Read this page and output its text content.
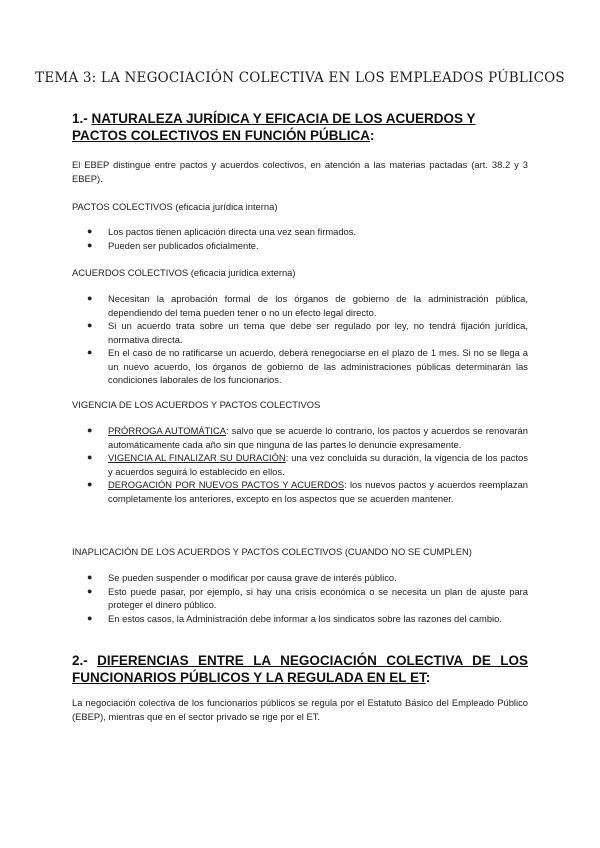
TEMA 3: LA NEGOCIACIÓN COLECTIVA EN LOS EMPLEADOS PÚBLICOS

1.- NATURALEZA JURÍDICA Y EFICACIA DE LOS ACUERDOS Y PACTOS COLECTIVOS EN FUNCIÓN PÚBLICA:

El EBEP distingue entre pactos y acuerdos colectivos, en atención a las materias pactadas (art. 38.2 y 3 EBEP).

PACTOS COLECTIVOS (eficacia jurídica interna)

● Los pactos tienen aplicación directa una vez sean firmados.
● Pueden ser publicados oficialmente.

ACUERDOS COLECTIVOS (eficacia jurídica externa)

● Necesitan la aprobación formal de los órganos de gobierno de la administración pública, dependiendo del tema pueden tener o no un efecto legal directo.
● Si un acuerdo trata sobre un tema que debe ser regulado por ley, no tendrá fijación jurídica, normativa directa.
● En el caso de no ratificarse un acuerdo, deberá renegociarse en el plazo de 1 mes. Si no se llega a un nuevo acuerdo, los órganos de gobierno de las administraciones públicas determinarán las condiciones laborales de los funcionarios.

VIGENCIA DE LOS ACUERDOS Y PACTOS COLECTIVOS

● PRÓRROGA AUTOMÁTICA: salvo que se acuerde lo contrario, los pactos y acuerdos se renovarán automáticamente cada año sin que ninguna de las partes lo denuncie expresamente.
● VIGENCIA AL FINALIZAR SU DURACIÓN: una vez concluida su duración, la vigencia de los pactos y acuerdos seguirá lo establecido en ellos.
● DEROGACIÓN POR NUEVOS PACTOS Y ACUERDOS: los nuevos pactos y acuerdos reemplazan completamente los anteriores, excepto en los aspectos que se acuerden mantener.

INAPLICACIÓN DE LOS ACUERDOS Y PACTOS COLECTIVOS (CUANDO NO SE CUMPLEN)

● Se pueden suspender o modificar por causa grave de interés público.
● Esto puede pasar, por ejemplo, si hay una crisis económica o se necesita un plan de ajuste para proteger el dinero público.
● En estos casos, la Administración debe informar a los sindicatos sobre las razones del cambio.

2.- DIFERENCIAS ENTRE LA NEGOCIACIÓN COLECTIVA DE LOS FUNCIONARIOS PÚBLICOS Y LA REGULADA EN EL ET:

La negociación colectiva de los funcionarios públicos se regula por el Estatuto Básico del Empleado Público (EBEP), mientras que en el sector privado se rige por el ET.
